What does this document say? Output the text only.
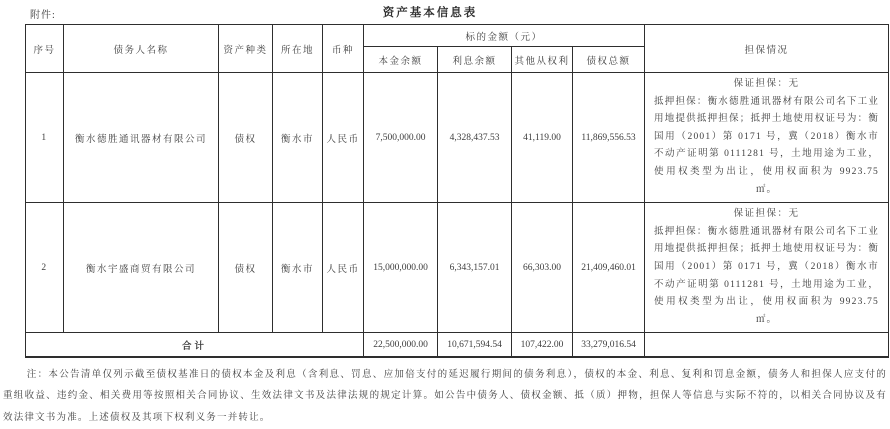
附件:	资产基本信息表
序号	债务人名称	资产种类	所在地	币种	标的金额（元）				担保情况
					本金余额	利息余额	其他从权利	债权总额	
1	衡水德胜通讯器材有限公司	债权	衡水市	人民币	7,500,000.00	4,328,437.53	41,119.00	11,869,556.53	保证担保：无

抵押担保：衡水德胜通讯器材有限公司名下工业用地提供抵押担保；抵押土地使用权证号为：衡国用（2001）第 0171 号，冀（2018）衡水市不动产证明第 0111281 号，土地用途为工业，使用权类型为出让，使用权面积为 9923.75 ㎡。

2	衡水宇盛商贸有限公司	债权	衡水市	人民币	15,000,000.00	6,343,157.01	66,303.00	21,409,460.01	保证担保：无

抵押担保：衡水德胜通讯器材有限公司名下工业用地提供抵押担保；抵押土地使用权证号为：衡国用（2001）第 0171 号，冀（2018）衡水市不动产证明第 0111281 号，土地用途为工业，使用权类型为出让，使用权面积为 9923.75 ㎡。

合计					22,500,000.00	10,671,594.54	107,422.00	33,279,016.54	
注：本公告清单仅列示截至债权基准日的债权本金及利息（含利息、罚息、应加倍支付的延迟履行期间的债务利息），债权的本金、利息、复利和罚息金额，债务人和担保人应支付的重组收益、违约金、相关费用等按照相关合同协议、生效法律文书及法律法规的规定计算。如公告中债务人、债权金额、抵（质）押物，担保人等信息与实际不符的，以相关合同协议及有效法律文书为准。上述债权及其项下权利义务一并转让。
